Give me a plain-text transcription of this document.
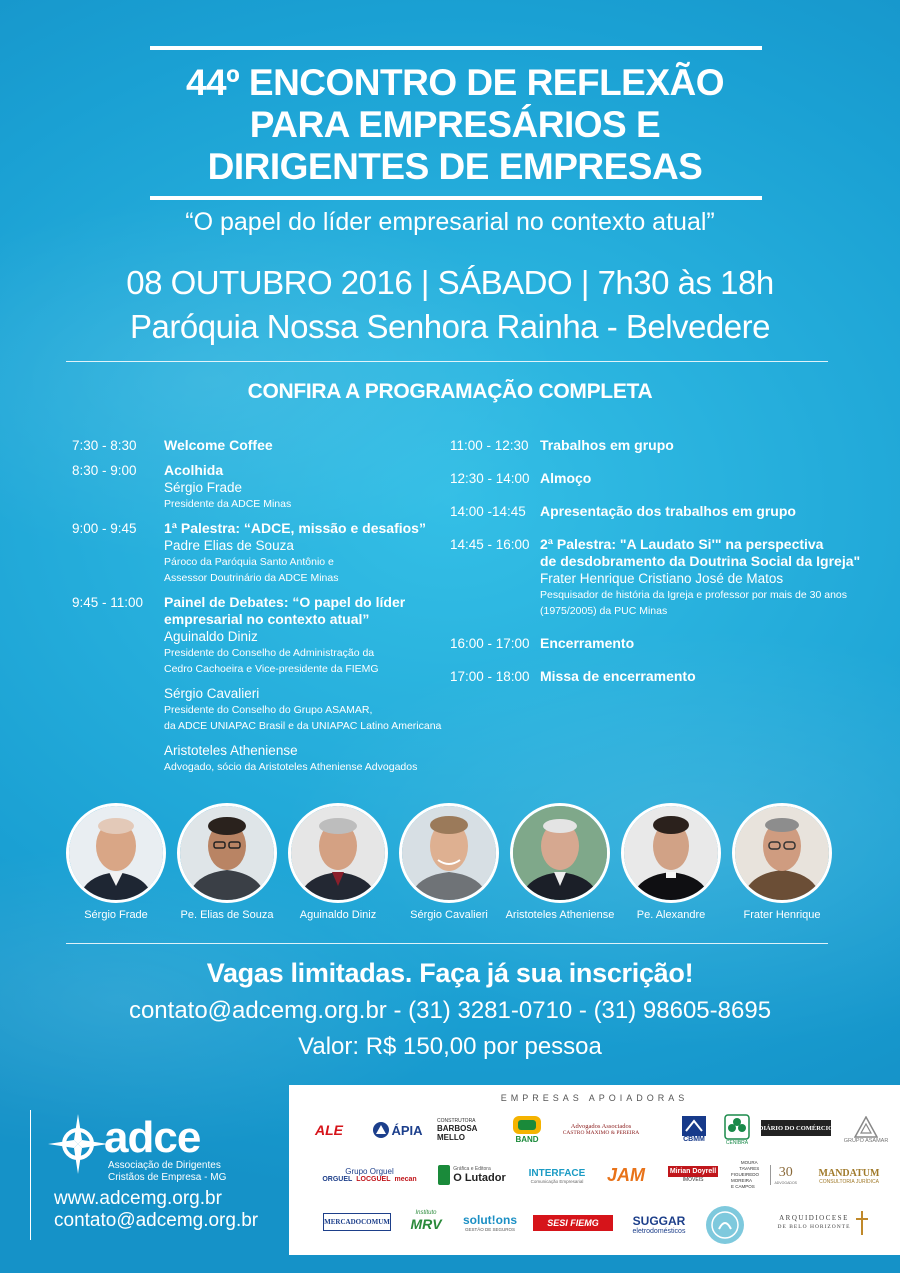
44º ENCONTRO DE REFLEXÃO
PARA EMPRESÁRIOS E
DIRIGENTES DE EMPRESAS
“O papel do líder empresarial no contexto atual”
08 OUTUBRO 2016 | SÁBADO | 7h30 às 18h
Paróquia Nossa Senhora Rainha - Belvedere
CONFIRA A PROGRAMAÇÃO COMPLETA
7:30 - 8:30 Welcome Coffee
8:30 - 9:00 Acolhida
Sérgio Frade
Presidente da ADCE Minas
9:00 - 9:45 1ª Palestra: “ADCE, missão e desafios”
Padre Elias de Souza
Pároco da Paróquia Santo Antônio e
Assessor Doutrinário da ADCE Minas
9:45 - 11:00 Painel de Debates: “O papel do líder
empresarial no contexto atual”
Aguinaldo Diniz
Presidente do Conselho de Administração da
Cedro Cachoeira e Vice-presidente da FIEMG
Sérgio Cavalieri
Presidente do Conselho do Grupo ASAMAR,
da ADCE UNIAPAC Brasil e da UNIAPAC Latino Americana
Aristoteles Atheniense
Advogado, sócio da Aristoteles Atheniense Advogados
11:00 - 12:30 Trabalhos em grupo
12:30 - 14:00 Almoço
14:00 -14:45 Apresentação dos trabalhos em grupo
14:45 - 16:00 2ª Palestra: "A Laudato Si'" na perspectiva
de desdobramento da Doutrina Social da Igreja"
Frater Henrique Cristiano José de Matos
Pesquisador de história da Igreja e professor por mais de 30 anos
(1975/2005) da PUC Minas
16:00 - 17:00 Encerramento
17:00 - 18:00 Missa de encerramento
Sérgio Frade	Pe. Elias de Souza	Aguinaldo Diniz	Sérgio Cavalieri	Aristoteles Atheniense	Pe. Alexandre	Frater Henrique
Vagas limitadas. Faça já sua inscrição!
contato@adcemg.org.br - (31) 3281-0710 - (31) 98605-8695
Valor: R$ 150,00 por pessoa
adce
Associação de Dirigentes
Cristãos de Empresa - MG
www.adcemg.org.br
contato@adcemg.org.br
EMPRESAS APOIADORAS
ALE	ÁPIA
CONSTRUTORA
BARBOSA
MELLO	BAND
Advogados Associados
CASTRO MAXIMO & PEREIRA
CBMM
CENIBRA
DIÁRIO DO COMÉRCIO
GRUPO ASAMAR
Grupo Orguel
ORGUEL LOCGUEL mecan
Gráfica e Editora
O Lutador INTERFACE
Comunicação Empresarial JAM	Mirian Doyrell
IMÓVEIS
MOURA TAVARES
FIGUEIREDO
MOREIRA
E CAMPOS
30
ADVOGADOS
MANDATUM
CONSULTORIA JURÍDICA
MERCADOCOMUM
Instituto
MRV solut!ons
GESTÃO DE SEGUROS
SESI FIEMG	SUGGAR
eletrodomésticos
ARQUIDIOCESE
DE BELO HORIZONTE
